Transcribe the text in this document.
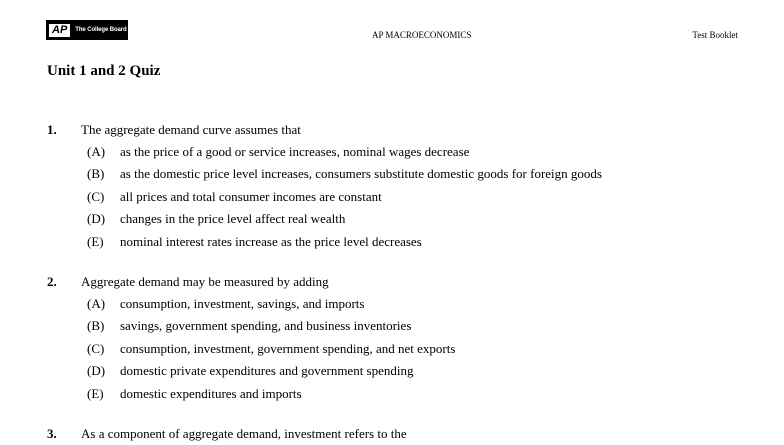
AP	The College Board	AP MACROECONOMICS	Test Booklet
Unit 1 and 2 Quiz
1. The aggregate demand curve assumes that
(A) as the price of a good or service increases, nominal wages decrease
(B) as the domestic price level increases, consumers substitute domestic goods for foreign goods
(C) all prices and total consumer incomes are constant
(D) changes in the price level affect real wealth
(E) nominal interest rates increase as the price level decreases
2. Aggregate demand may be measured by adding
(A) consumption, investment, savings, and imports
(B) savings, government spending, and business inventories
(C) consumption, investment, government spending, and net exports
(D) domestic private expenditures and government spending
(E) domestic expenditures and imports
3. As a component of aggregate demand, investment refers to the
